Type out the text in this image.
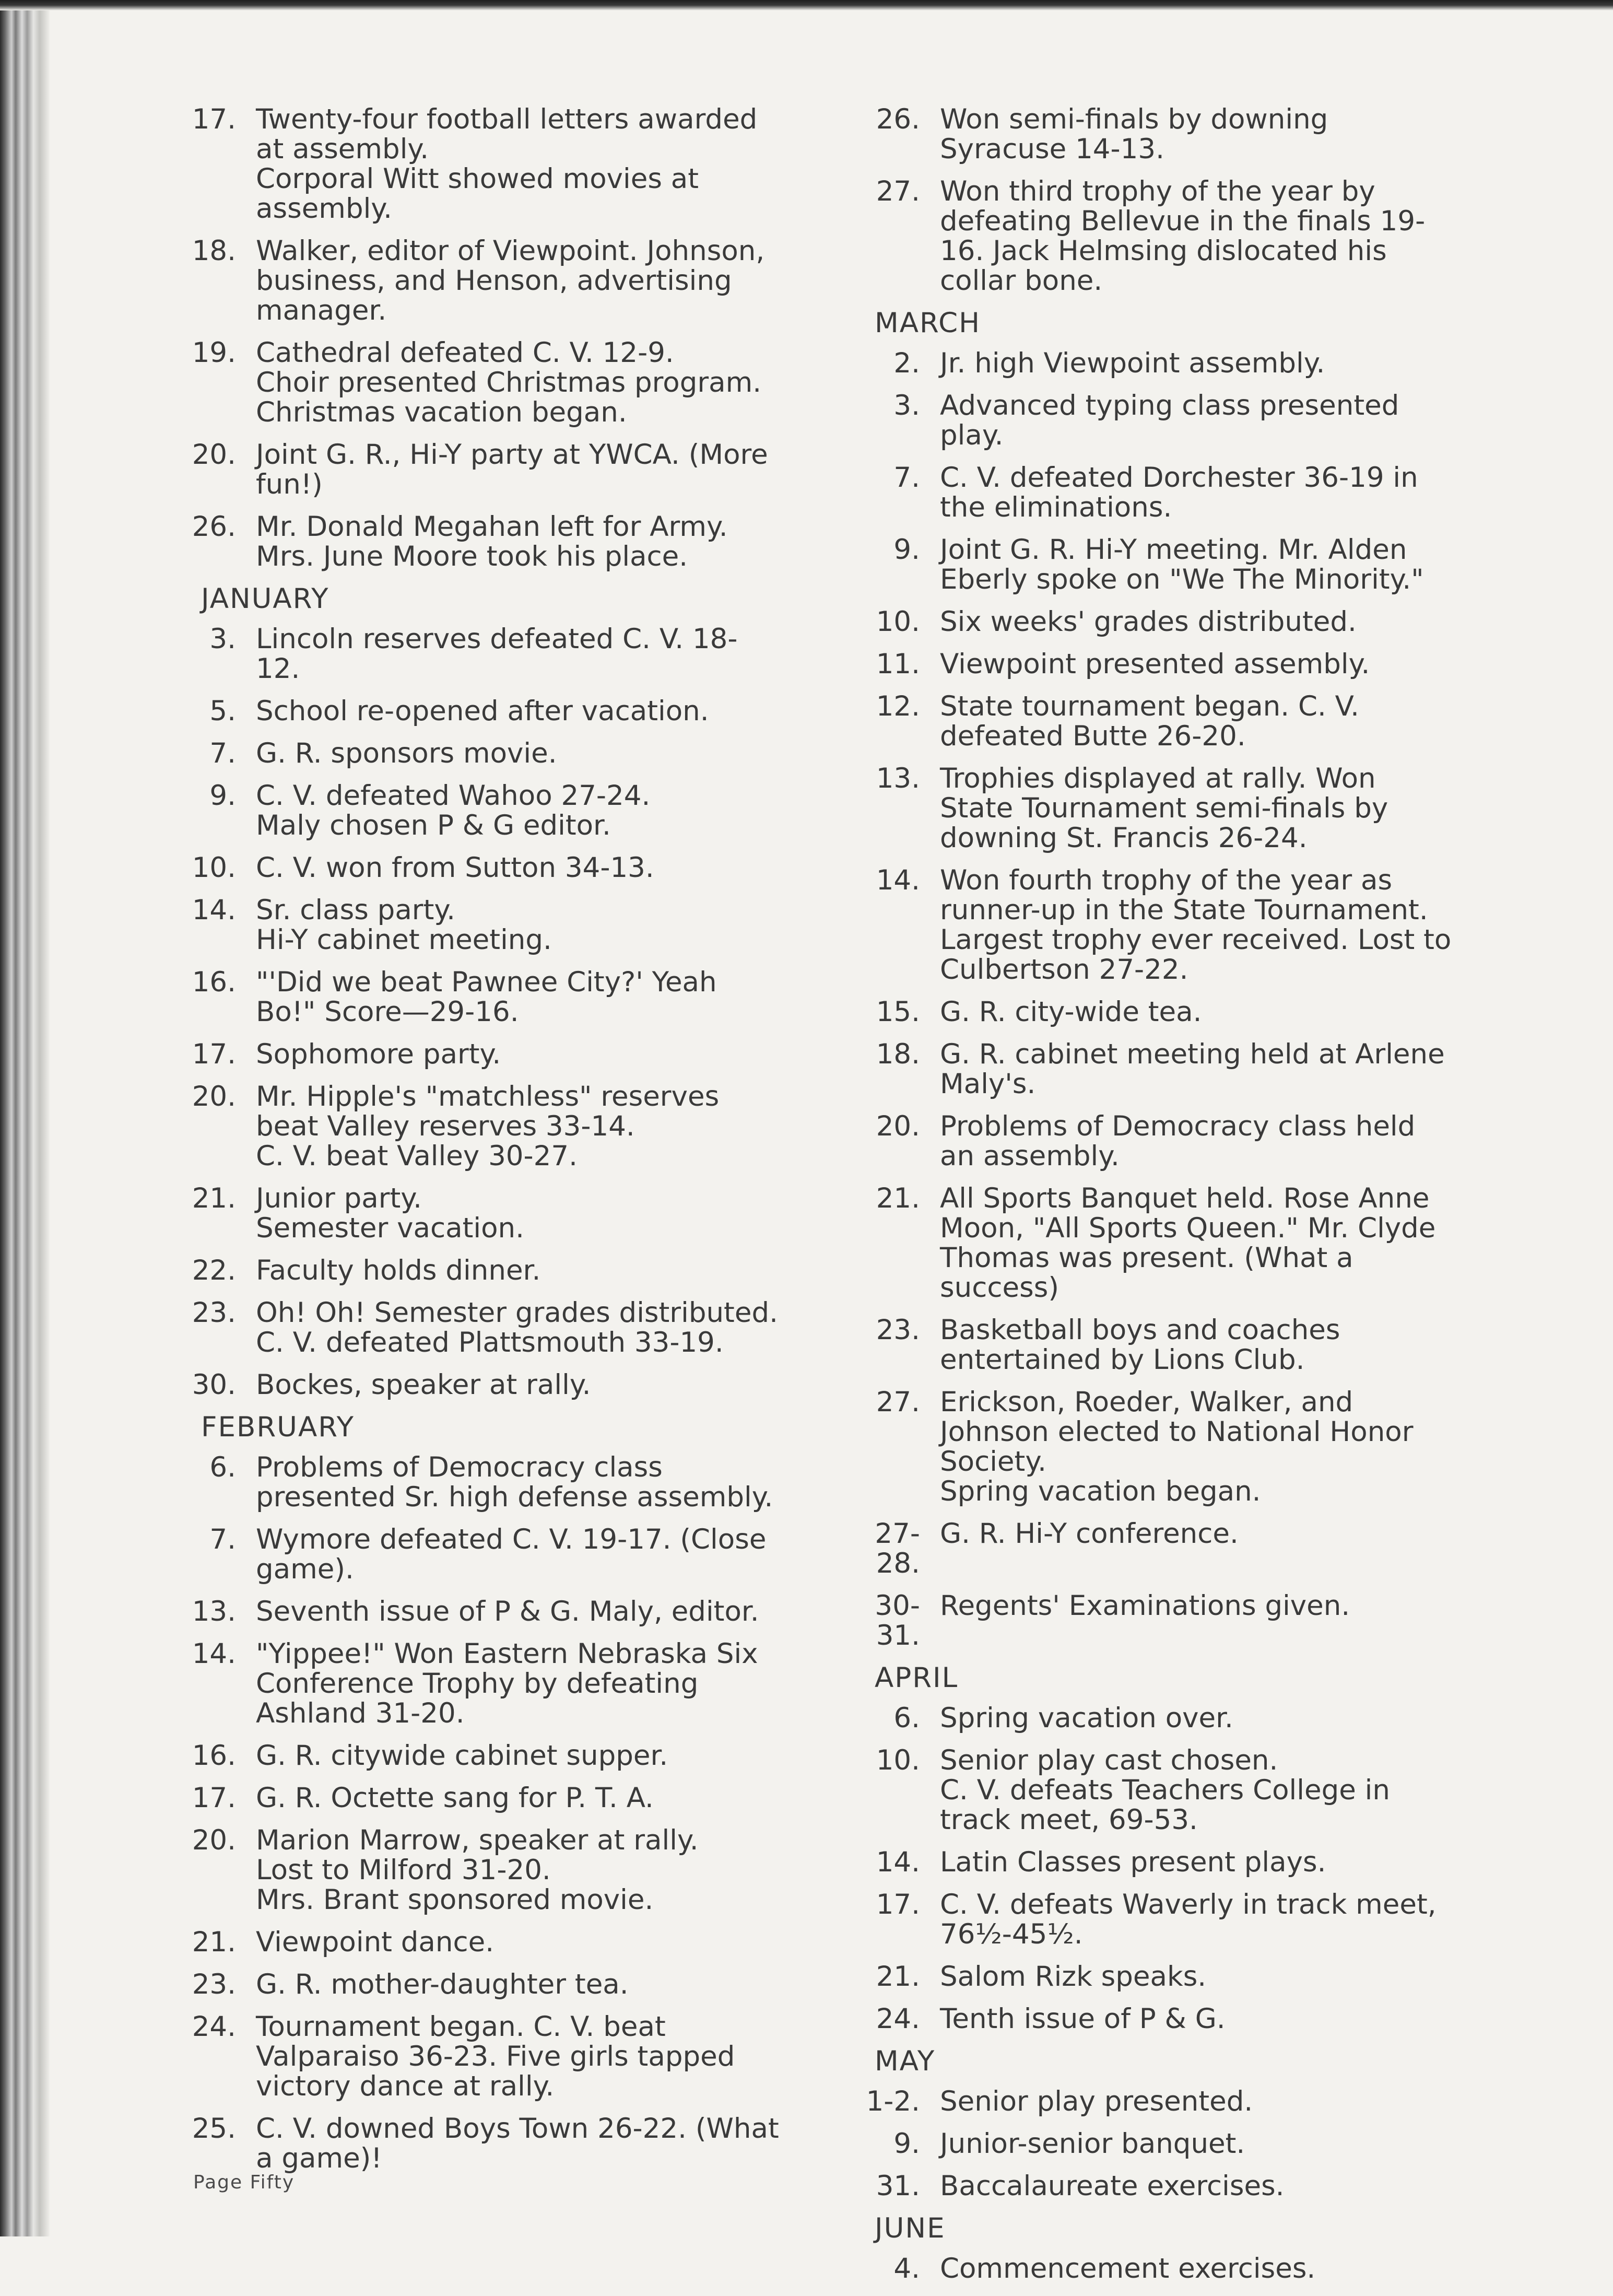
17. Twenty-four football letters awarded at assembly.
Corporal Witt showed movies at assembly.
18. Walker, editor of Viewpoint. Johnson, business, and Henson, advertising manager.
19. Cathedral defeated C. V. 12-9.
Choir presented Christmas program.
Christmas vacation began.
20. Joint G. R., Hi-Y party at YWCA. (More fun!)
26. Mr. Donald Megahan left for Army. Mrs. June Moore took his place.
JANUARY
3. Lincoln reserves defeated C. V. 18-12.
5. School re-opened after vacation.
7. G. R. sponsors movie.
9. C. V. defeated Wahoo 27-24.
Maly chosen P & G editor.
10. C. V. won from Sutton 34-13.
14. Sr. class party.
Hi-Y cabinet meeting.
16. "'Did we beat Pawnee City?' Yeah Bo!" Score—29-16.
17. Sophomore party.
20. Mr. Hipple's "matchless" reserves beat Valley reserves 33-14.
C. V. beat Valley 30-27.
21. Junior party.
Semester vacation.
22. Faculty holds dinner.
23. Oh! Oh! Semester grades distributed.
C. V. defeated Plattsmouth 33-19.
30. Bockes, speaker at rally.
FEBRUARY
6. Problems of Democracy class presented Sr. high defense assembly.
7. Wymore defeated C. V. 19-17. (Close game).
13. Seventh issue of P & G. Maly, editor.
14. "Yippee!" Won Eastern Nebraska Six Conference Trophy by defeating Ashland 31-20.
16. G. R. citywide cabinet supper.
17. G. R. Octette sang for P. T. A.
20. Marion Marrow, speaker at rally.
Lost to Milford 31-20.
Mrs. Brant sponsored movie.
21. Viewpoint dance.
23. G. R. mother-daughter tea.
24. Tournament began. C. V. beat Valparaiso 36-23. Five girls tapped victory dance at rally.
25. C. V. downed Boys Town 26-22. (What a game)!
26. Won semi-finals by downing Syracuse 14-13.
27. Won third trophy of the year by defeating Bellevue in the finals 19-16. Jack Helmsing dislocated his collar bone.
MARCH
2. Jr. high Viewpoint assembly.
3. Advanced typing class presented play.
7. C. V. defeated Dorchester 36-19 in the eliminations.
9. Joint G. R. Hi-Y meeting. Mr. Alden Eberly spoke on "We The Minority."
10. Six weeks' grades distributed.
11. Viewpoint presented assembly.
12. State tournament began. C. V. defeated Butte 26-20.
13. Trophies displayed at rally. Won State Tournament semi-finals by downing St. Francis 26-24.
14. Won fourth trophy of the year as runner-up in the State Tournament. Largest trophy ever received. Lost to Culbertson 27-22.
15. G. R. city-wide tea.
18. G. R. cabinet meeting held at Arlene Maly's.
20. Problems of Democracy class held an assembly.
21. All Sports Banquet held. Rose Anne Moon, "All Sports Queen." Mr. Clyde Thomas was present. (What a success)
23. Basketball boys and coaches entertained by Lions Club.
27. Erickson, Roeder, Walker, and Johnson elected to National Honor Society.
Spring vacation began.
27-28.
G. R. Hi-Y conference.
30-31.
Regents' Examinations given.
APRIL
6. Spring vacation over.
10. Senior play cast chosen.
C. V. defeats Teachers College in track meet, 69-53.
14. Latin Classes present plays.
17. C. V. defeats Waverly in track meet, 76½-45½.
21. Salom Rizk speaks.
24. Tenth issue of P & G.
MAY
1-2. Senior play presented.
9. Junior-senior banquet.
31. Baccalaureate exercises.
JUNE
4. Commencement exercises.
Page Fifty
